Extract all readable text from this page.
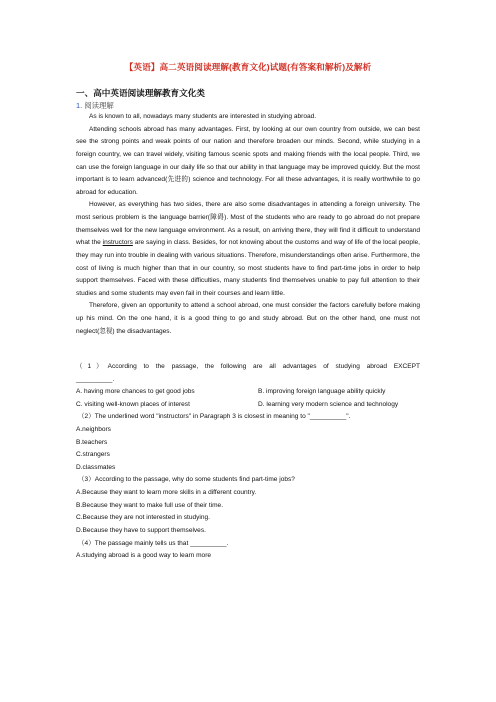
【英语】高二英语阅读理解(教育文化)试题(有答案和解析)及解析
一、高中英语阅读理解教育文化类
1. 阅读理解

As is known to all, nowadays many students are interested in studying abroad.

Attending schools abroad has many advantages. First, by looking at our own country from outside, we can best see the strong points and weak points of our nation and therefore broaden our minds. Second, while studying in a foreign country, we can travel widely, visiting famous scenic spots and making friends with the local people. Third, we can use the foreign language in our daily life so that our ability in that language may be improved quickly. But the most important is to learn advanced(先进的) science and technology. For all these advantages, it is really worthwhile to go abroad for education.

However, as everything has two sides, there are also some disadvantages in attending a foreign university. The most serious problem is the language barrier(障碍). Most of the students who are ready to go abroad do not prepare themselves well for the new language environment. As a result, on arriving there, they will find it difficult to understand what the instructors are saying in class. Besides, for not knowing about the customs and way of life of the local people, they may run into trouble in dealing with various situations. Therefore, misunderstandings often arise. Furthermore, the cost of living is much higher than that in our country, so most students have to find part-time jobs in order to help support themselves. Faced with these difficulties, many students find themselves unable to pay full attention to their studies and some students may even fail in their courses and learn little.

Therefore, given an opportunity to attend a school abroad, one must consider the factors carefully before making up his mind. On the one hand, it is a good thing to go and study abroad. But on the other hand, one must not neglect(忽视) the disadvantages.

（1）According to the passage, the following are all advantages of studying abroad EXCEPT
__________.
A. having more chances to get good jobs	B. improving foreign language ability quickly
C. visiting well-known places of interest	D. learning very modern science and technology
（2）The underlined word "instructors" in Paragraph 3 is closest in meaning to "__________".
A.neighbors
B.teachers
C.strangers
D.classmates
（3）According to the passage, why do some students find part-time jobs?
A.Because they want to learn more skills in a different country.
B.Because they want to make full use of their time.
C.Because they are not interested in studying.
D.Because they have to support themselves.
（4）The passage mainly tells us that __________.
A.studying abroad is a good way to learn more
